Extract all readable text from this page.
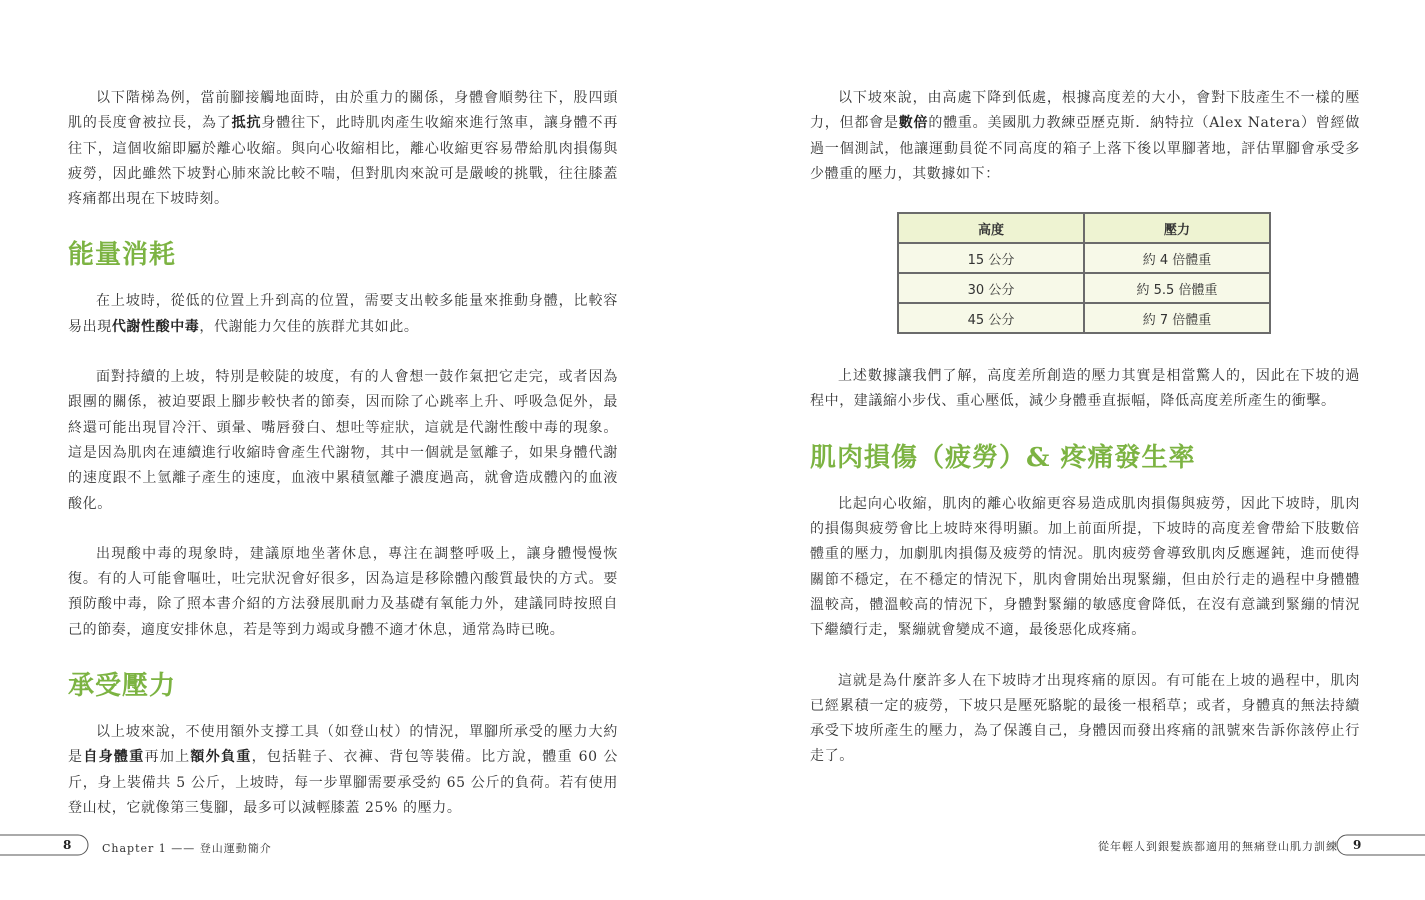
以下階梯為例，當前腳接觸地面時，由於重力的關係，身體會順勢往下，股四頭肌的長度會被拉長，為了抵抗身體往下，此時肌肉產生收縮來進行煞車，讓身體不再往下，這個收縮即屬於離心收縮。與向心收縮相比，離心收縮更容易帶給肌肉損傷與疲勞，因此雖然下坡對心肺來說比較不喘，但對肌肉來說可是嚴峻的挑戰，往往膝蓋疼痛都出現在下坡時刻。

能量消耗

在上坡時，從低的位置上升到高的位置，需要支出較多能量來推動身體，比較容易出現代謝性酸中毒，代謝能力欠佳的族群尤其如此。

面對持續的上坡，特別是較陡的坡度，有的人會想一鼓作氣把它走完，或者因為跟團的關係，被迫要跟上腳步較快者的節奏，因而除了心跳率上升、呼吸急促外，最終還可能出現冒冷汗、頭暈、嘴唇發白、想吐等症狀，這就是代謝性酸中毒的現象。這是因為肌肉在連續進行收縮時會產生代謝物，其中一個就是氫離子，如果身體代謝的速度跟不上氫離子產生的速度，血液中累積氫離子濃度過高，就會造成體內的血液酸化。

出現酸中毒的現象時，建議原地坐著休息，專注在調整呼吸上，讓身體慢慢恢復。有的人可能會嘔吐，吐完狀況會好很多，因為這是移除體內酸質最快的方式。要預防酸中毒，除了照本書介紹的方法發展肌耐力及基礎有氧能力外，建議同時按照自己的節奏，適度安排休息，若是等到力竭或身體不適才休息，通常為時已晚。

承受壓力

以上坡來說，不使用額外支撐工具（如登山杖）的情況，單腳所承受的壓力大約是自身體重再加上額外負重，包括鞋子、衣褲、背包等裝備。比方說，體重 60 公斤，身上裝備共 5 公斤，上坡時，每一步單腳需要承受約 65 公斤的負荷。若有使用登山杖，它就像第三隻腳，最多可以減輕膝蓋 25% 的壓力。

以下坡來說，由高處下降到低處，根據高度差的大小，會對下肢產生不一樣的壓力，但都會是數倍的體重。美國肌力教練亞歷克斯．納特拉（Alex Natera）曾經做過一個測試，他讓運動員從不同高度的箱子上落下後以單腳著地，評估單腳會承受多少體重的壓力，其數據如下：

高度	壓力
15 公分	約 4 倍體重
30 公分	約 5.5 倍體重
45 公分	約 7 倍體重

上述數據讓我們了解，高度差所創造的壓力其實是相當驚人的，因此在下坡的過程中，建議縮小步伐、重心壓低，減少身體垂直振幅，降低高度差所產生的衝擊。

肌肉損傷（疲勞）& 疼痛發生率

比起向心收縮，肌肉的離心收縮更容易造成肌肉損傷與疲勞，因此下坡時，肌肉的損傷與疲勞會比上坡時來得明顯。加上前面所提，下坡時的高度差會帶給下肢數倍體重的壓力，加劇肌肉損傷及疲勞的情況。肌肉疲勞會導致肌肉反應遲鈍，進而使得關節不穩定，在不穩定的情況下，肌肉會開始出現緊繃，但由於行走的過程中身體體溫較高，體溫較高的情況下，身體對緊繃的敏感度會降低，在沒有意識到緊繃的情況下繼續行走，緊繃就會變成不適，最後惡化成疼痛。

這就是為什麼許多人在下坡時才出現疼痛的原因。有可能在上坡的過程中，肌肉已經累積一定的疲勞，下坡只是壓死駱駝的最後一根稻草；或者，身體真的無法持續承受下坡所產生的壓力，為了保護自己，身體因而發出疼痛的訊號來告訴你該停止行走了。

8	Chapter 1 —— 登山運動簡介	9
從年輕人到銀髮族都適用的無痛登山肌力訓練
